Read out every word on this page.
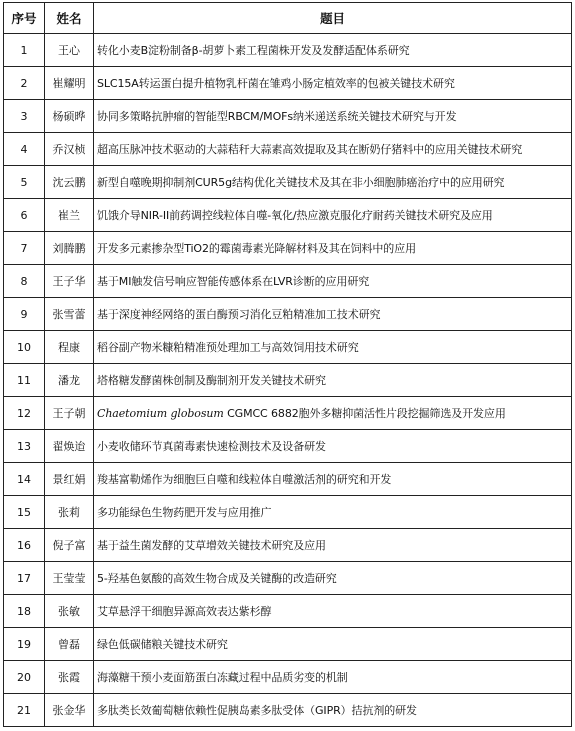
序号	姓名	题目
1	王心	转化小麦B淀粉制备β-胡萝卜素工程菌株开发及发酵适配体系研究
2	崔耀明	SLC15A转运蛋白提升植物乳杆菌在雏鸡小肠定植效率的包被关键技术研究
3	杨硕晔	协同多策略抗肿瘤的智能型RBCM/MOFs纳米递送系统关键技术研究与开发
4	乔汉桢	超高压脉冲技术驱动的大蒜秸秆大蒜素高效提取及其在断奶仔猪料中的应用关键技术研究
5	沈云鹏	新型自噬晚期抑制剂CUR5g结构优化关键技术及其在非小细胞肺癌治疗中的应用研究
6	崔兰	饥饿介导NIR-II前药调控线粒体自噬-氧化/热应激克服化疗耐药关键技术研究及应用
7	刘腾鹏	开发多元素掺杂型TiO2的霉菌毒素光降解材料及其在饲料中的应用
8	王子华	基于MI触发信号响应智能传感体系在LVR诊断的应用研究
9	张雪蕾	基于深度神经网络的蛋白酶预习消化豆粕精准加工技术研究
10	程康	稻谷副产物米糠粕精准预处理加工与高效饲用技术研究
11	潘龙	塔格糖发酵菌株创制及酶制剂开发关键技术研究
12	王子朝	Chaetomium globosum CGMCC 6882胞外多糖抑菌活性片段挖掘筛选及开发应用
13	翟焕迨	小麦收储环节真菌毒素快速检测技术及设备研发
14	景红娟	羧基富勒烯作为细胞巨自噬和线粒体自噬激活剂的研究和开发
15	张莉	多功能绿色生物药肥开发与应用推广
16	倪子富	基于益生菌发酵的艾草增效关键技术研究及应用
17	王莹莹	5-羟基色氨酸的高效生物合成及关键酶的改造研究
18	张敏	艾草悬浮干细胞异源高效表达紫杉醇
19	曾磊	绿色低碳储粮关键技术研究
20	张霞	海藻糖干预小麦面筋蛋白冻藏过程中品质劣变的机制
21	张金华	多肽类长效葡萄糖依赖性促胰岛素多肽受体（GIPR）拮抗剂的研发
